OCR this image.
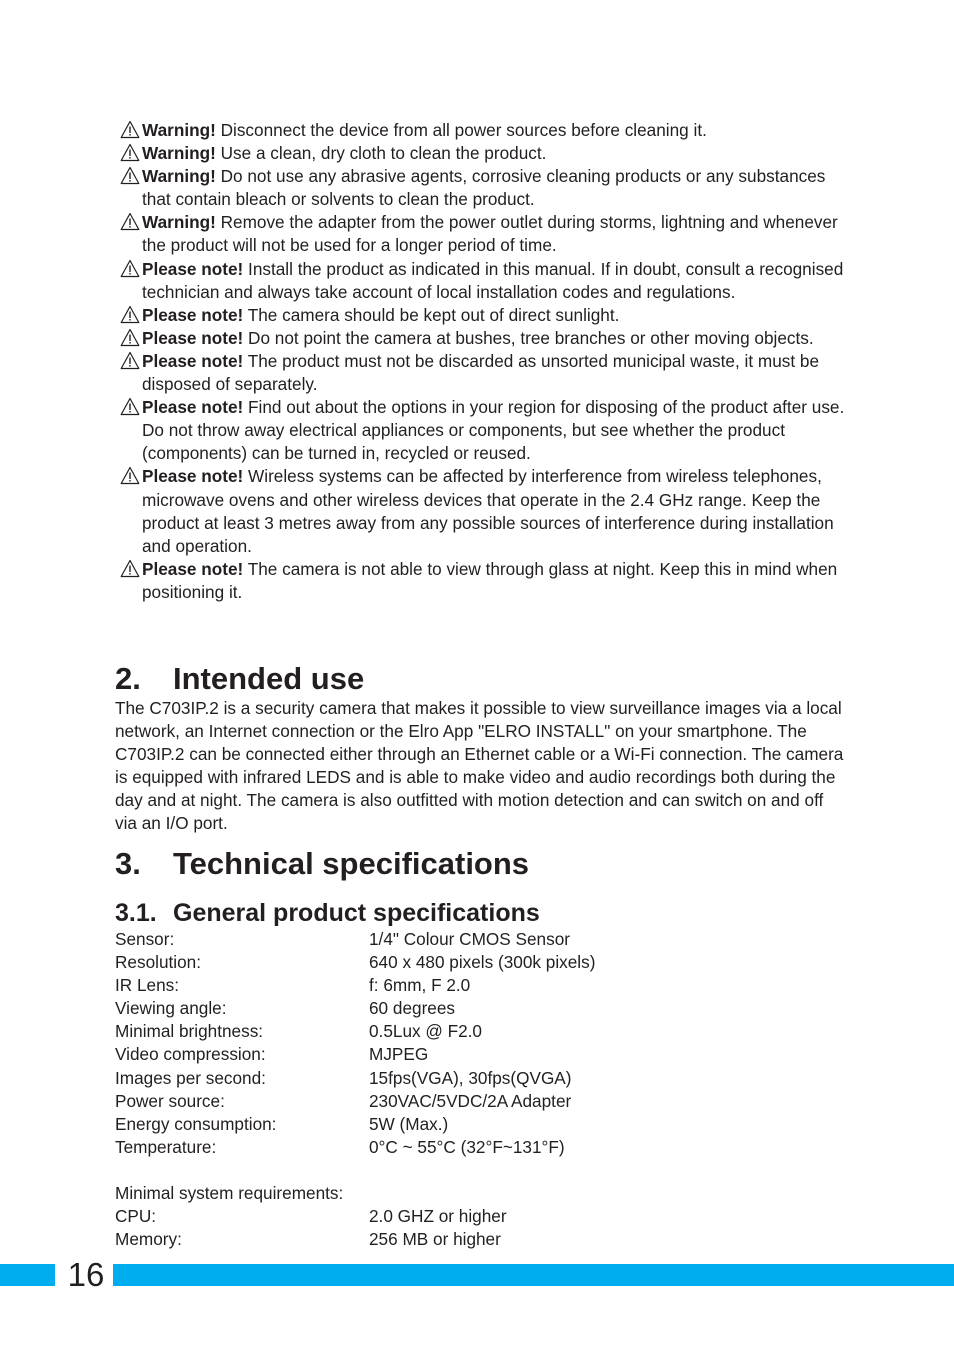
Warning! Disconnect the device from all power sources before cleaning it.
Warning! Use a clean, dry cloth to clean the product.
Warning! Do not use any abrasive agents, corrosive cleaning products or any substances that contain bleach or solvents to clean the product.
Warning! Remove the adapter from the power outlet during storms, lightning and whenever the product will not be used for a longer period of time.
Please note! Install the product as indicated in this manual. If in doubt, consult a recognised technician and always take account of local installation codes and regulations.
Please note! The camera should be kept out of direct sunlight.
Please note! Do not point the camera at bushes, tree branches or other moving objects.
Please note! The product must not be discarded as unsorted municipal waste, it must be disposed of separately.
Please note! Find out about the options in your region for disposing of the product after use. Do not throw away electrical appliances or components, but see whether the product (components) can be turned in, recycled or reused.
Please note! Wireless systems can be affected by interference from wireless telephones, microwave ovens and other wireless devices that operate in the 2.4 GHz range. Keep the product at least 3 metres away from any possible sources of interference during installation and operation.
Please note! The camera is not able to view through glass at night. Keep this in mind when positioning it.
2. Intended use
The C703IP.2 is a security camera that makes it possible to view surveillance images via a local network, an Internet connection or the Elro App "ELRO INSTALL" on your smartphone. The C703IP.2 can be connected either through an Ethernet cable or a Wi-Fi connection. The camera is equipped with infrared LEDS and is able to make video and audio recordings both during the day and at night. The camera is also outfitted with motion detection and can switch on and off via an I/O port.
3. Technical specifications
3.1. General product specifications
Sensor:	1/4" Colour CMOS Sensor
Resolution:	640 x 480 pixels (300k pixels)
IR Lens:	f: 6mm, F 2.0
Viewing angle:	60 degrees
Minimal brightness:	0.5Lux @ F2.0
Video compression:	MJPEG
Images per second:	15fps(VGA), 30fps(QVGA)
Power source:	230VAC/5VDC/2A Adapter
Energy consumption:	5W (Max.)
Temperature:	0°C ~ 55°C (32°F~131°F)
Minimal system requirements:
CPU:	2.0 GHZ or higher
Memory:	256 MB or higher
16
